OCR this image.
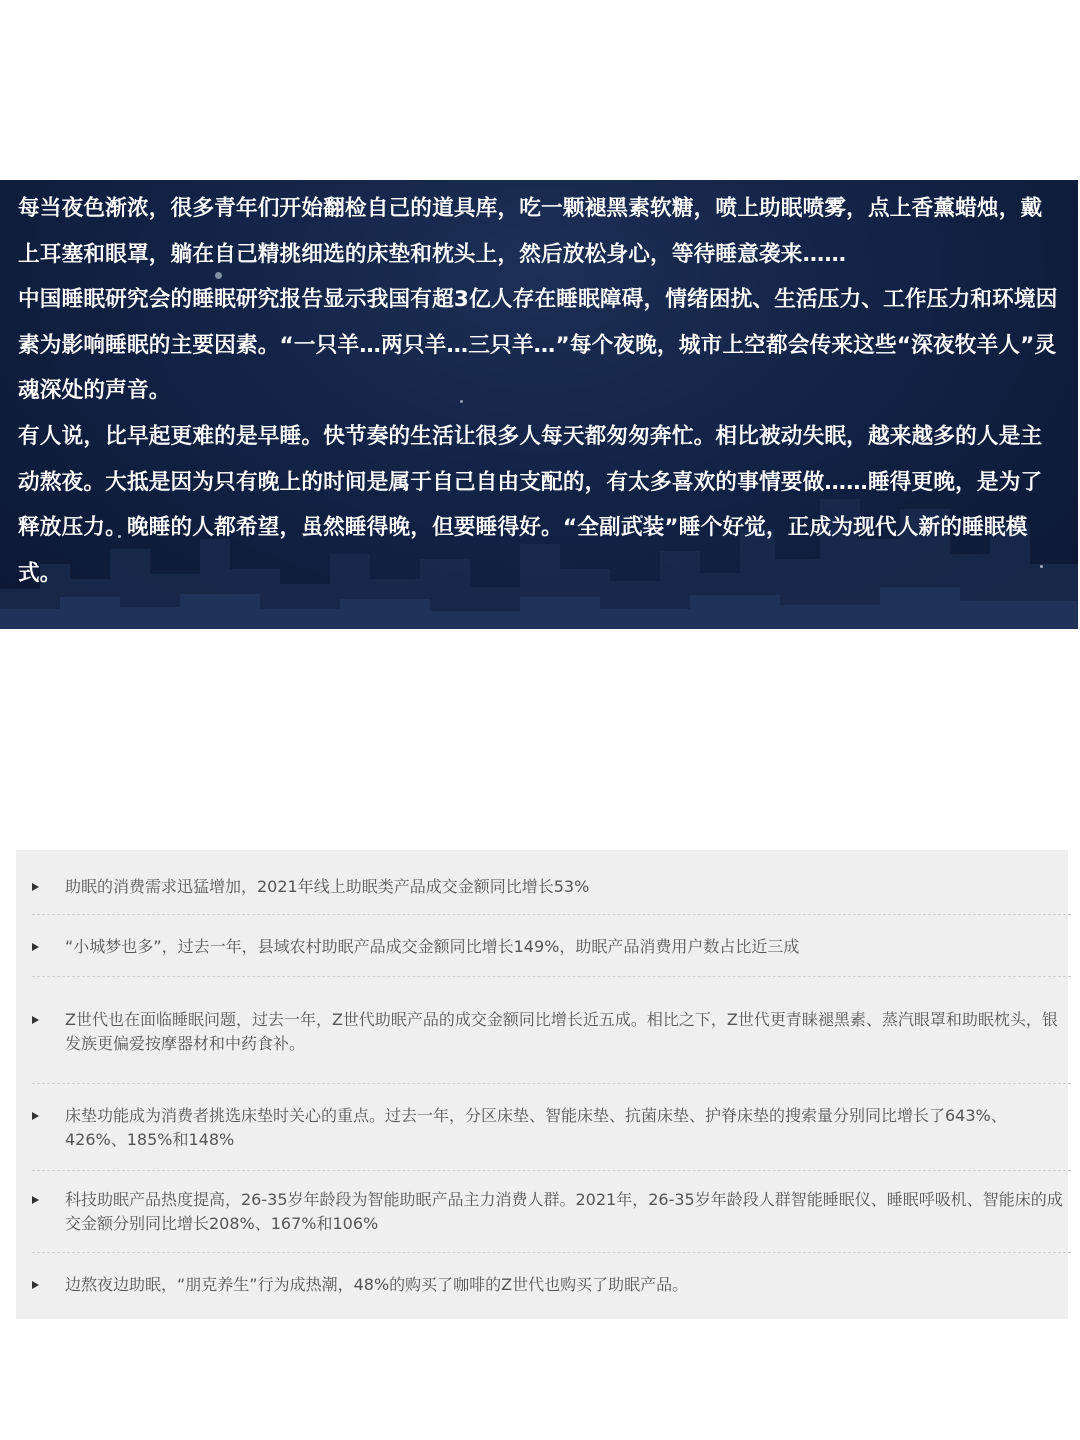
每当夜色渐浓，很多青年们开始翻检自己的道具库，吃一颗褪黑素软糖，喷上助眠喷雾，点上香薰蜡烛，戴上耳塞和眼罩，躺在自己精挑细选的床垫和枕头上，然后放松身心，等待睡意袭来……

中国睡眠研究会的睡眠研究报告显示我国有超3亿人存在睡眠障碍，情绪困扰、生活压力、工作压力和环境因素为影响睡眠的主要因素。“一只羊…两只羊…三只羊…”每个夜晚，城市上空都会传来这些“深夜牧羊人”灵魂深处的声音。

有人说，比早起更难的是早睡。快节奏的生活让很多人每天都匆匆奔忙。相比被动失眠，越来越多的人是主动熬夜。大抵是因为只有晚上的时间是属于自己自由支配的，有太多喜欢的事情要做……睡得更晚，是为了释放压力。晚睡的人都希望，虽然睡得晚，但要睡得好。“全副武装”睡个好觉，正成为现代人新的睡眠模式。

助眠的消费需求迅猛增加，2021年线上助眠类产品成交金额同比增长53%
“小城梦也多”，过去一年，县域农村助眠产品成交金额同比增长149%，助眠产品消费用户数占比近三成
Z世代也在面临睡眠问题，过去一年，Z世代助眠产品的成交金额同比增长近五成。相比之下，Z世代更青睐褪黑素、蒸汽眼罩和助眠枕头，银发族更偏爱按摩器材和中药食补。
床垫功能成为消费者挑选床垫时关心的重点。过去一年，分区床垫、智能床垫、抗菌床垫、护脊床垫的搜索量分别同比增长了643%、426%、185%和148%
科技助眠产品热度提高，26-35岁年龄段为智能助眠产品主力消费人群。2021年，26-35岁年龄段人群智能睡眠仪、睡眠呼吸机、智能床的成交金额分别同比增长208%、167%和106%
边熬夜边助眠，“朋克养生”行为成热潮，48%的购买了咖啡的Z世代也购买了助眠产品。
